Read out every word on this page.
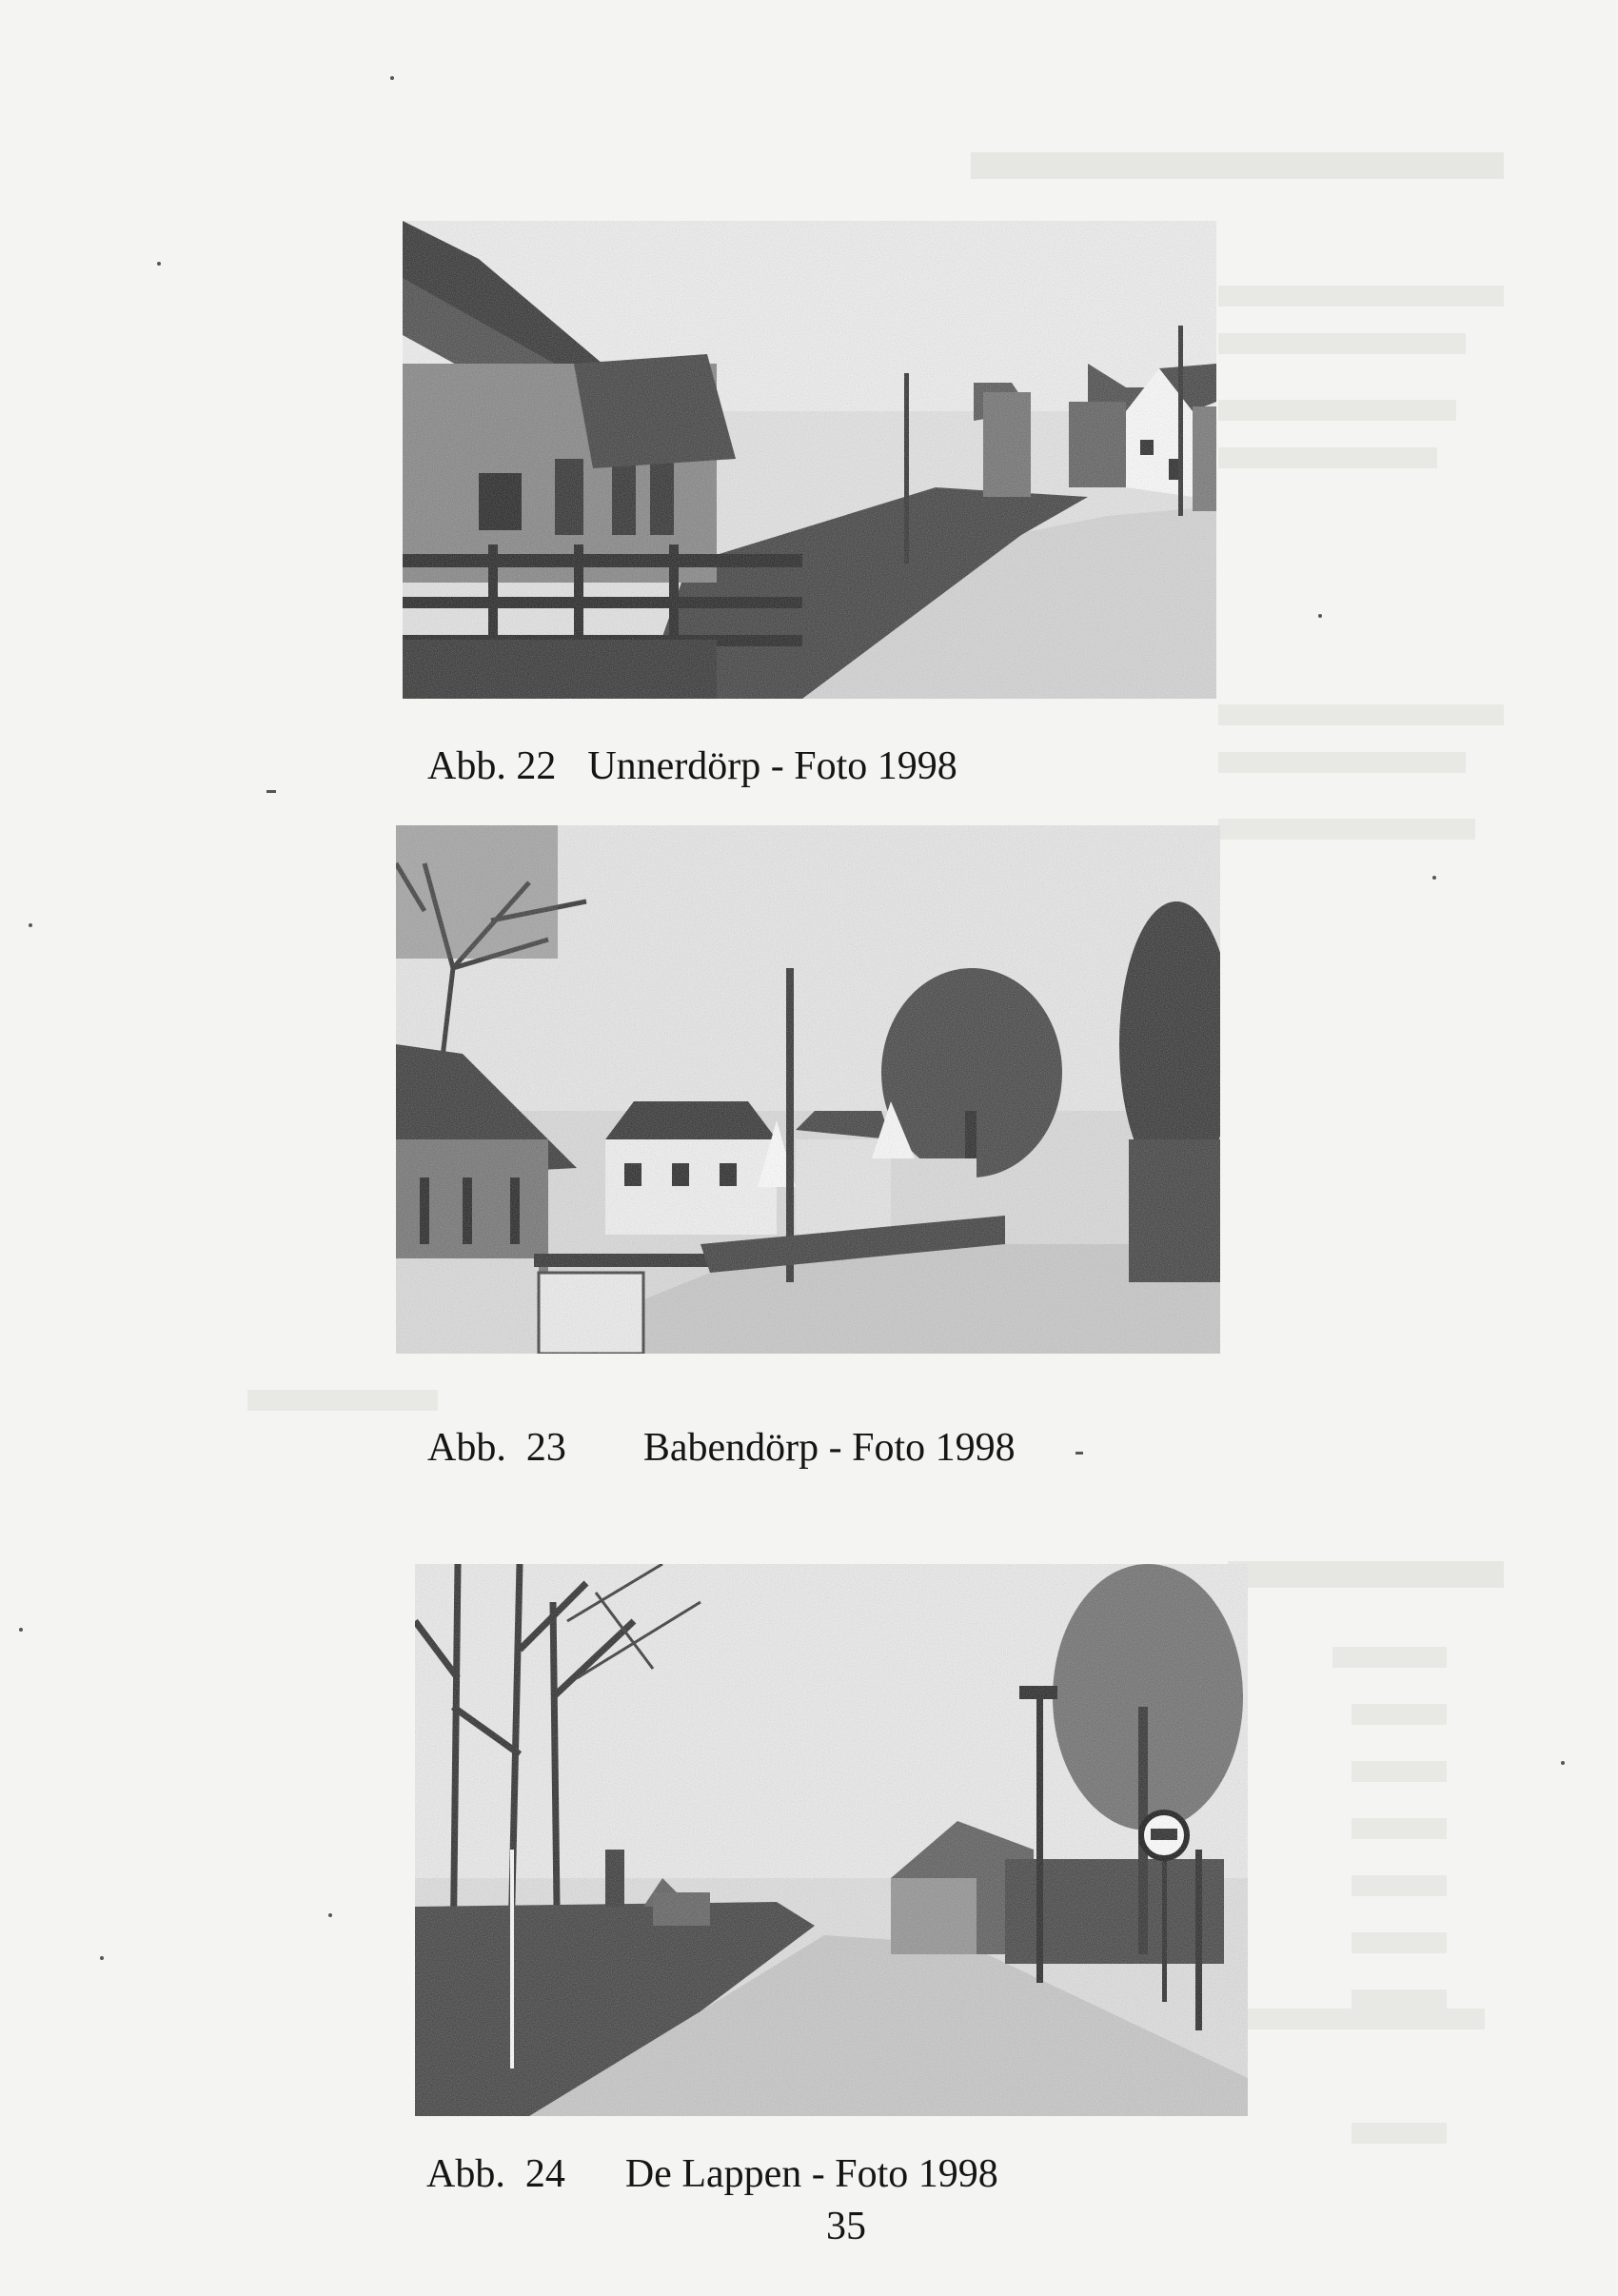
Abb. 22 Unnerdörp - Foto 1998
Abb.  23 Babendörp - Foto 1998
Abb.  24 De Lappen - Foto 1998
35
